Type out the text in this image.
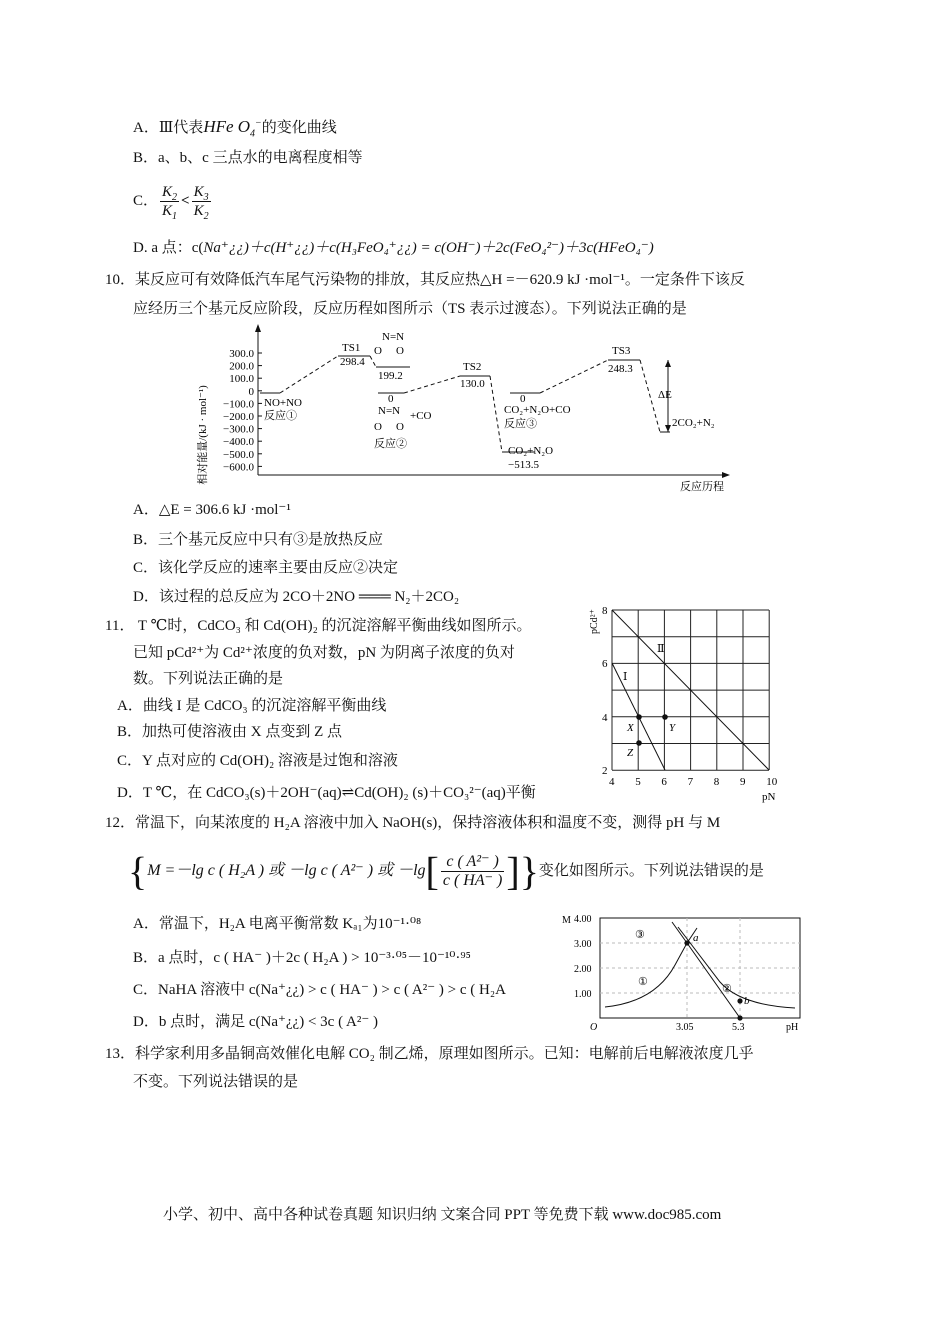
A．Ⅲ代表HFe $O_4^-$的变化曲线
B．a、b、c 三点水的电离程度相等
C． $\frac{K_2}{K_1} < \frac{K_3}{K_2}$
D. a 点：c(Na⁺¿¿)＋c(H⁺¿¿)＋c(H₃FeO₄⁺¿¿) = c(OH⁻)＋2c(FeO₄²⁻)＋3c(HFeO₄⁻)
10．某反应可有效降低汽车尾气污染物的排放，其反应热△H =－620.9 kJ ·mol⁻¹。一定条件下该反
应经历三个基元反应阶段，反应历程如图所示（TS 表示过渡态）。下列说法正确的是
相对能量/(kJ · mol⁻¹)
300.0
200.0
100.0
0
−100.0
−200.0
−300.0
−400.0
−500.0
−600.0
反应历程
TS1
298.4	TS2
130.0
TS3
248.3
NO+NO
反应①
N=N
O O
199.2
0
N=N +CO
O O
反应②
0
CO₂+N₂O+CO
反应③
CO₂+N₂O
−513.5
ΔE
2CO₂+N₂
A．△E = 306.6 kJ ·mol⁻¹
B．三个基元反应中只有③是放热反应
C．该化学反应的速率主要由反应②决定
D．该过程的总反应为 2CO＋2NO ═══ N₂＋2CO₂
11． T ℃时，CdCO₃ 和 Cd(OH)₂ 的沉淀溶解平衡曲线如图所示。
已知 pCd²⁺为 Cd²⁺浓度的负对数，pN 为阴离子浓度的负对
数。下列说法正确的是
A．曲线 I 是 CdCO₃ 的沉淀溶解平衡曲线
B．加热可使溶液由 X 点变到 Z 点
C．Y 点对应的 Cd(OH)₂ 溶液是过饱和溶液
D．T ℃，在 CdCO₃(s)＋2OH⁻(aq)⇌Cd(OH)₂ (s)＋CO₃²⁻(aq)平衡
4 5 6 7 8 9 10
2
4
6
8
pCd²⁺
pN
Ⅰ
Ⅱ
X	Y
Z
12．常温下，向某浓度的 H₂A 溶液中加入 NaOH(s)，保持溶液体积和温度不变，测得 pH 与 M
{M =－lg c ( H₂A ) 或 －lg c ( A²⁻ ) 或 $-\lg[ \frac{\text{c ( A²⁻ )}}{c ( HA^- )}$ ]}变化如图所示。下列说法错误的是
A．常温下，H₂A 电离平衡常数 Kₐ₁为10⁻¹·⁰⁸
B．a 点时，c ( HA⁻ )＋2c ( H₂A ) > 10⁻³·⁰⁵－10⁻¹⁰·⁹⁵
C．NaHA 溶液中 c(Na⁺¿¿) > c ( HA⁻ ) > c ( A²⁻ ) > c ( H₂A
D．b 点时，满足 c(Na⁺¿¿) < 3c ( A²⁻ )
M 4.00
3.00
2.00
1.00
O	3.05	5.3	pH
③
①
②
a
b
13．科学家利用多晶铜高效催化电解 CO₂ 制乙烯，原理如图所示。已知：电解前后电解液浓度几乎
不变。下列说法错误的是
小学、初中、高中各种试卷真题 知识归纳 文案合同 PPT 等免费下载 www.doc985.com
